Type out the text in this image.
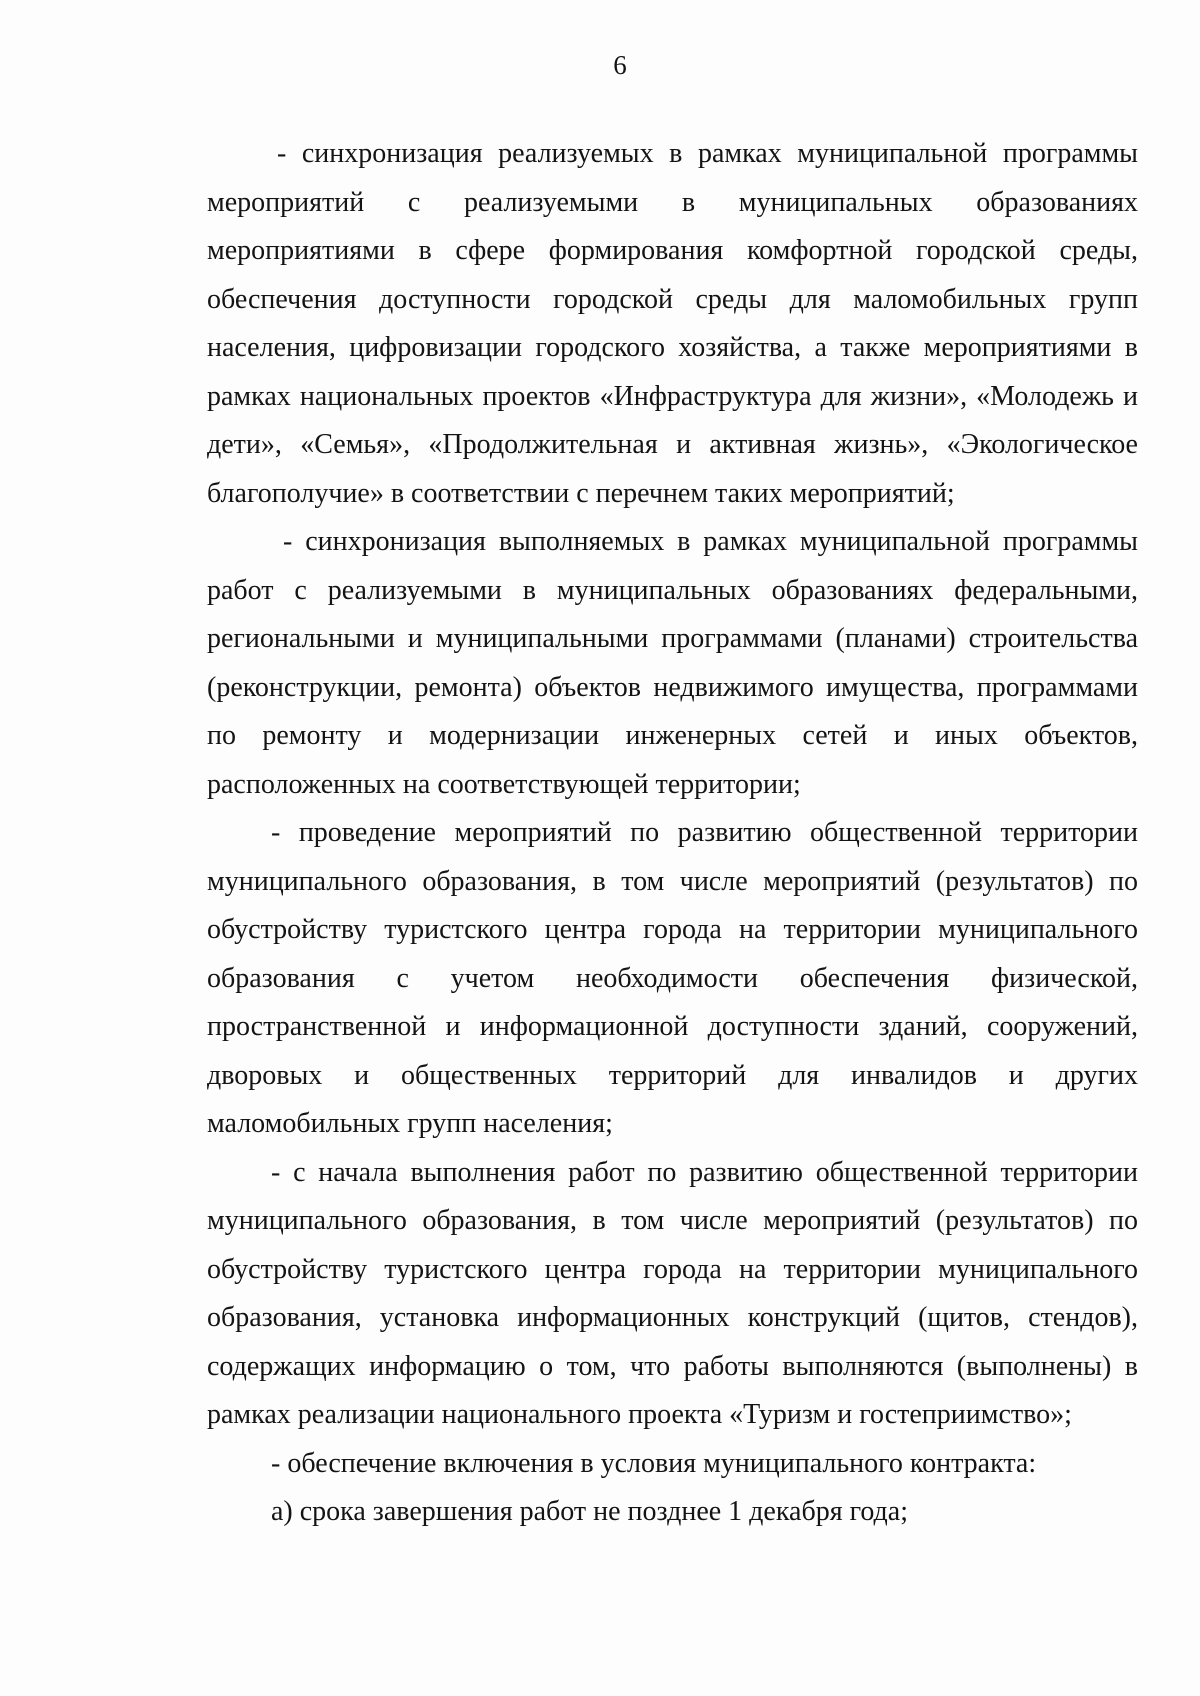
6

- синхронизация реализуемых в рамках муниципальной программы мероприятий с реализуемыми в муниципальных образованиях мероприятиями в сфере формирования комфортной городской среды, обеспечения доступности городской среды для маломобильных групп населения, цифровизации городского хозяйства, а также мероприятиями в рамках национальных проектов «Инфраструктура для жизни», «Молодежь и дети», «Семья», «Продолжительная и активная жизнь», «Экологическое благополучие» в соответствии с перечнем таких мероприятий;

- синхронизация выполняемых в рамках муниципальной программы работ с реализуемыми в муниципальных образованиях федеральными, региональными и муниципальными программами (планами) строительства (реконструкции, ремонта) объектов недвижимого имущества, программами по ремонту и модернизации инженерных сетей и иных объектов, расположенных на соответствующей территории;

- проведение мероприятий по развитию общественной территории муниципального образования, в том числе мероприятий (результатов) по обустройству туристского центра города на территории муниципального образования с учетом необходимости обеспечения физической, пространственной и информационной доступности зданий, сооружений, дворовых и общественных территорий для инвалидов и других маломобильных групп населения;

- с начала выполнения работ по развитию общественной территории муниципального образования, в том числе мероприятий (результатов) по обустройству туристского центра города на территории муниципального образования, установка информационных конструкций (щитов, стендов), содержащих информацию о том, что работы выполняются (выполнены) в рамках реализации национального проекта «Туризм и гостеприимство»;

- обеспечение включения в условия муниципального контракта:

а) срока завершения работ не позднее 1 декабря года;
